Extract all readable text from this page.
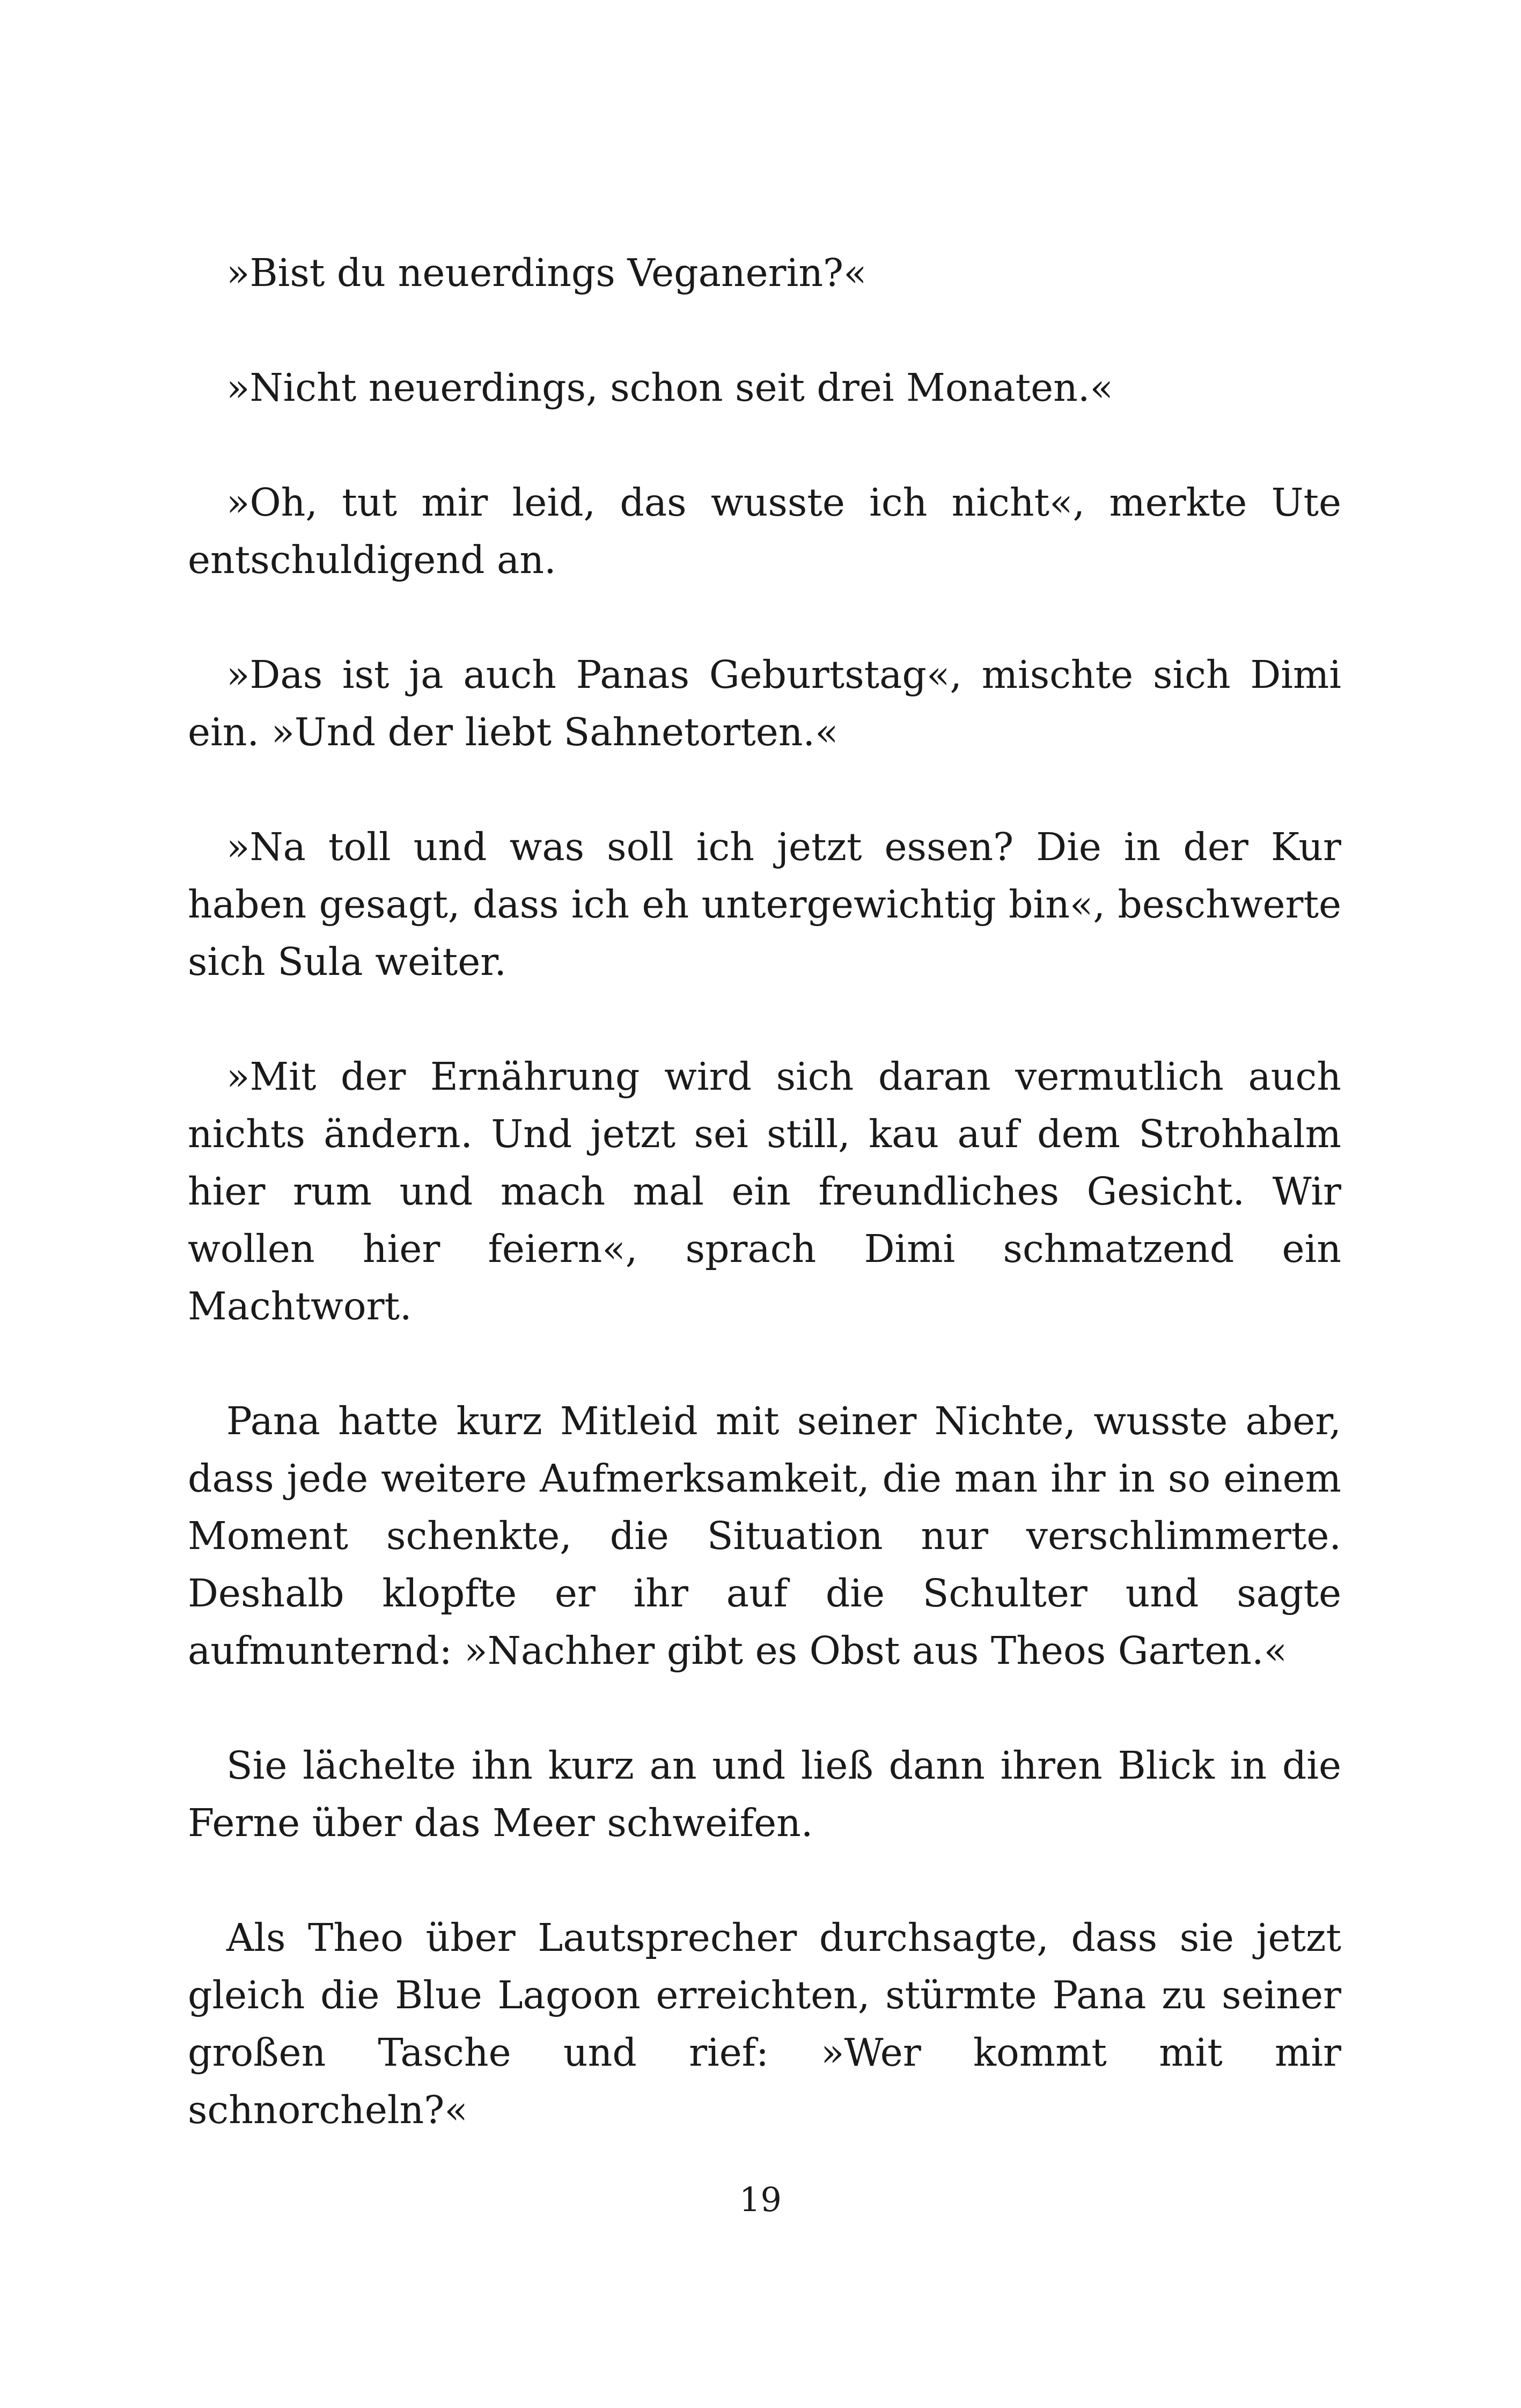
»Bist du neuerdings Veganerin?«

»Nicht neuerdings, schon seit drei Monaten.«

»Oh, tut mir leid, das wusste ich nicht«, merkte Ute entschuldigend an.

»Das ist ja auch Panas Geburtstag«, mischte sich Dimi ein. »Und der liebt Sahnetorten.«

»Na toll und was soll ich jetzt essen? Die in der Kur haben gesagt, dass ich eh untergewichtig bin«, beschwerte sich Sula weiter.

»Mit der Ernährung wird sich daran vermutlich auch nichts ändern. Und jetzt sei still, kau auf dem Strohhalm hier rum und mach mal ein freundliches Gesicht. Wir wollen hier feiern«, sprach Dimi schmatzend ein Machtwort.

Pana hatte kurz Mitleid mit seiner Nichte, wusste aber, dass jede weitere Aufmerksamkeit, die man ihr in so einem Moment schenkte, die Situation nur verschlimmerte. Deshalb klopfte er ihr auf die Schulter und sagte aufmunternd: »Nachher gibt es Obst aus Theos Garten.«

Sie lächelte ihn kurz an und ließ dann ihren Blick in die Ferne über das Meer schweifen.

Als Theo über Lautsprecher durchsagte, dass sie jetzt gleich die Blue Lagoon erreichten, stürmte Pana zu seiner großen Tasche und rief: »Wer kommt mit mir schnorcheln?«

19
